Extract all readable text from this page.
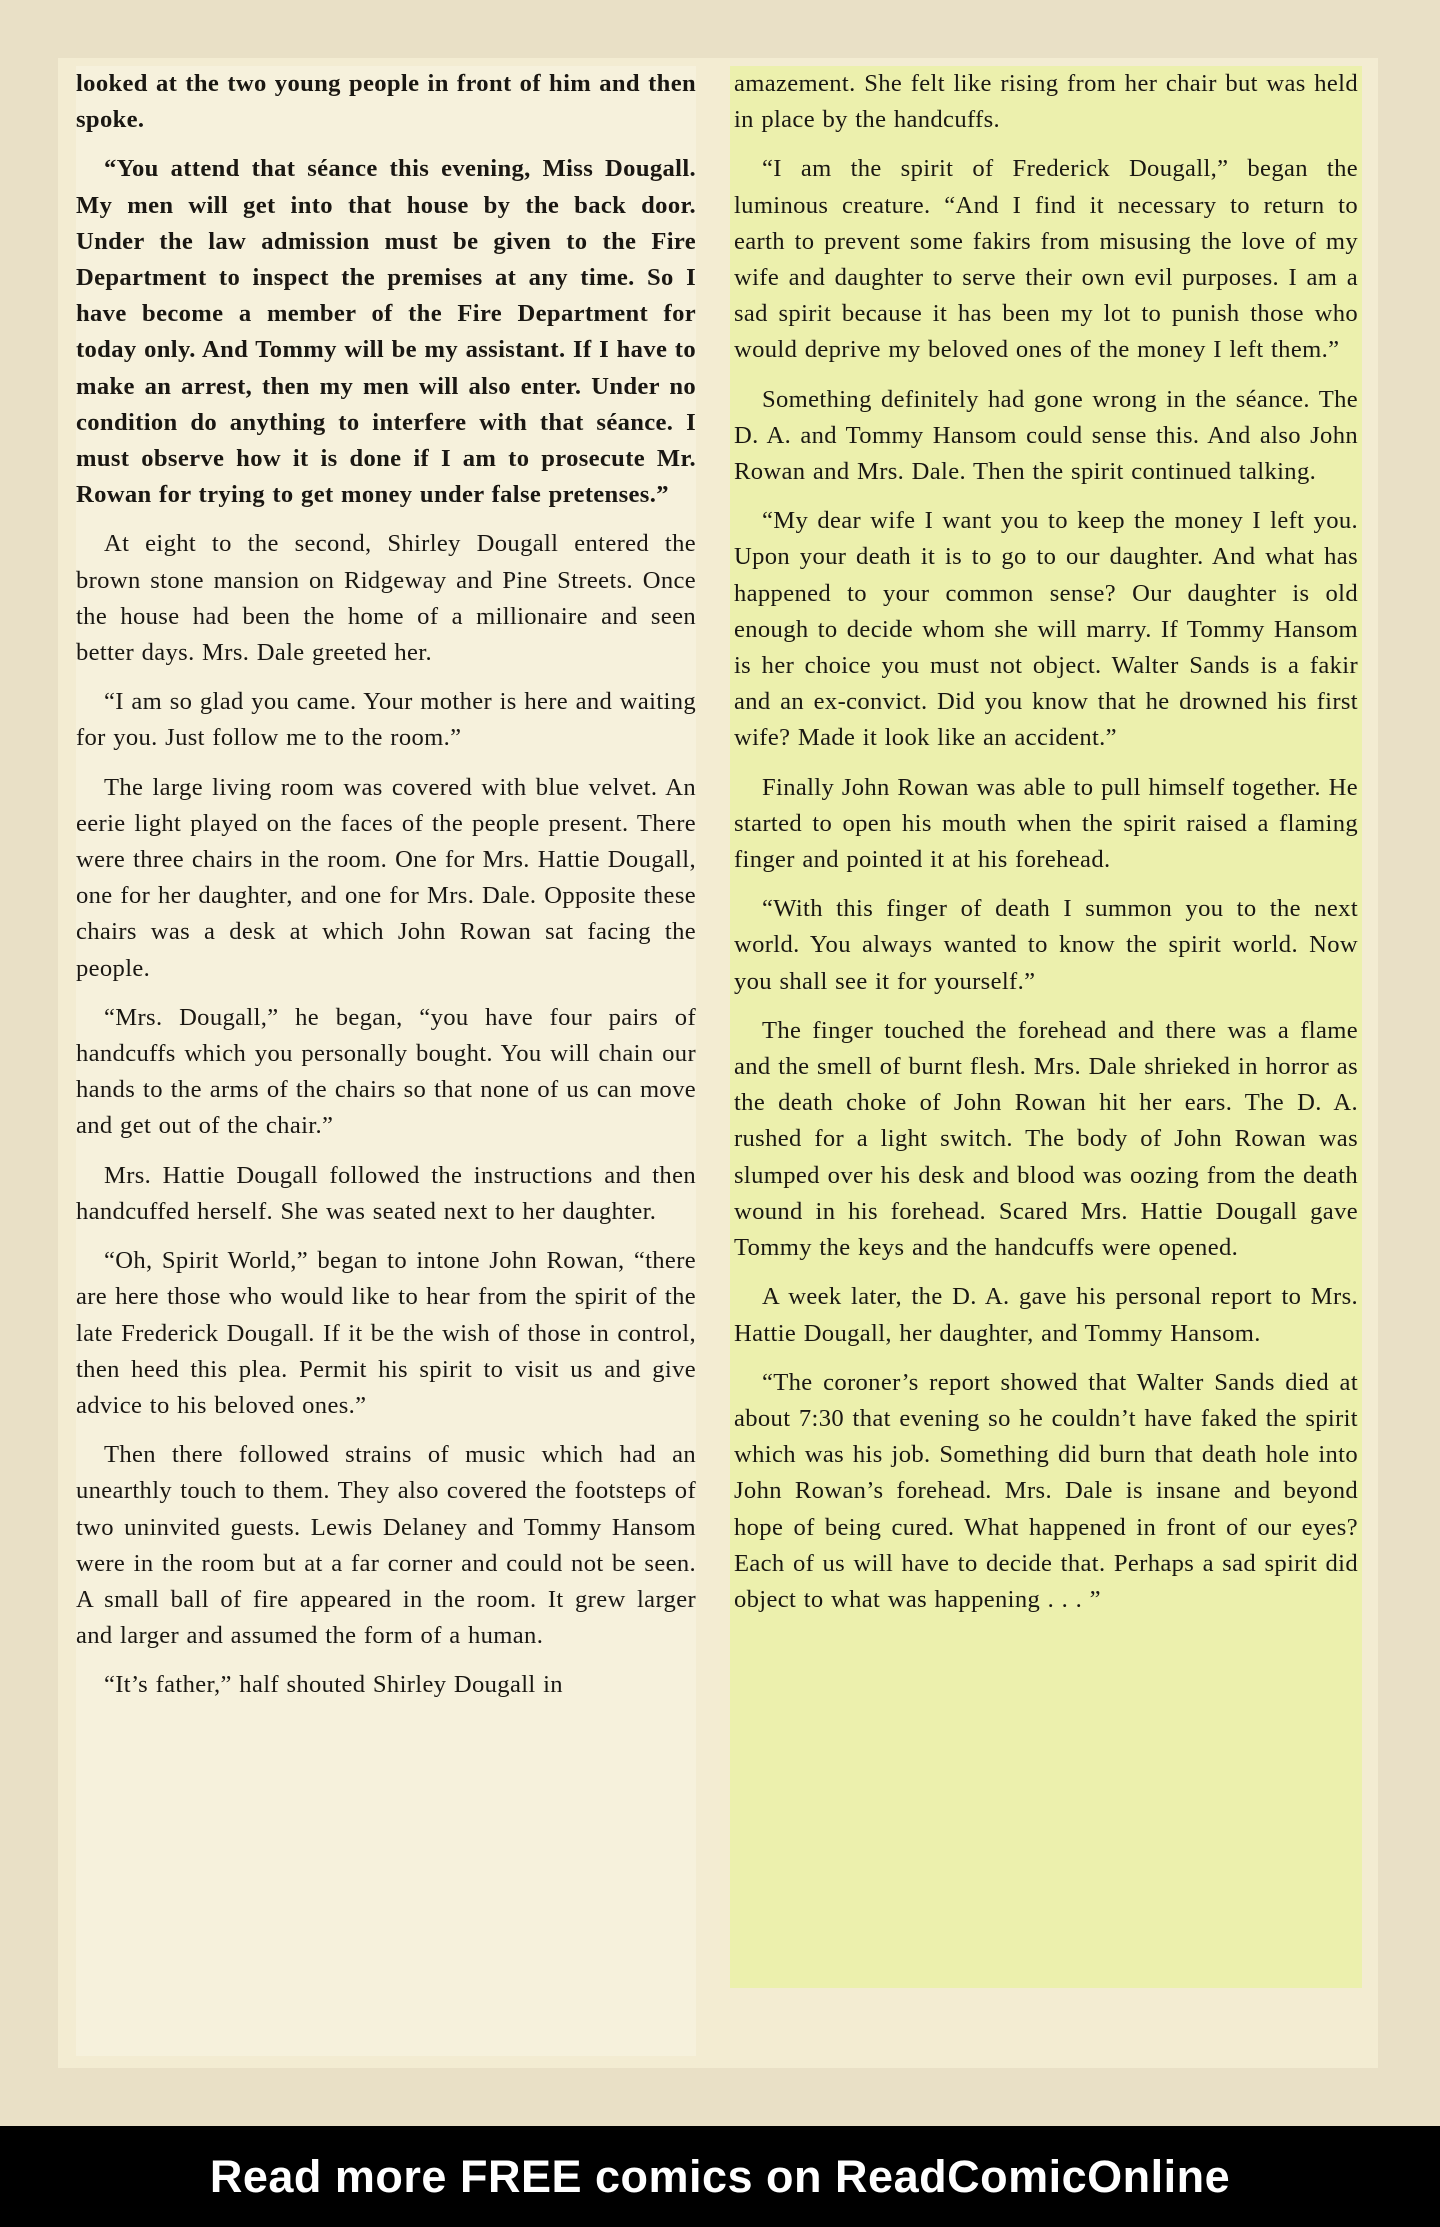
looked at the two young people in front of him and then spoke.

“You attend that séance this evening, Miss Dougall. My men will get into that house by the back door. Under the law admission must be given to the Fire Department to inspect the premises at any time. So I have become a member of the Fire Department for today only. And Tommy will be my assistant. If I have to make an arrest, then my men will also enter. Under no condition do anything to interfere with that séance. I must observe how it is done if I am to prosecute Mr. Rowan for trying to get money under false pretenses.”

At eight to the second, Shirley Dougall entered the brown stone mansion on Ridgeway and Pine Streets. Once the house had been the home of a millionaire and seen better days. Mrs. Dale greeted her.

“I am so glad you came. Your mother is here and waiting for you. Just follow me to the room.”

The large living room was covered with blue velvet. An eerie light played on the faces of the people present. There were three chairs in the room. One for Mrs. Hattie Dougall, one for her daughter, and one for Mrs. Dale. Opposite these chairs was a desk at which John Rowan sat facing the people.

“Mrs. Dougall,” he began, “you have four pairs of handcuffs which you personally bought. You will chain our hands to the arms of the chairs so that none of us can move and get out of the chair.”

Mrs. Hattie Dougall followed the instructions and then handcuffed herself. She was seated next to her daughter.

“Oh, Spirit World,” began to intone John Rowan, “there are here those who would like to hear from the spirit of the late Frederick Dougall. If it be the wish of those in control, then heed this plea. Permit his spirit to visit us and give advice to his beloved ones.”

Then there followed strains of music which had an unearthly touch to them. They also covered the footsteps of two uninvited guests. Lewis Delaney and Tommy Hansom were in the room but at a far corner and could not be seen. A small ball of fire appeared in the room. It grew larger and larger and assumed the form of a human.

“It’s father,” half shouted Shirley Dougall in

amazement. She felt like rising from her chair but was held in place by the handcuffs.

“I am the spirit of Frederick Dougall,” began the luminous creature. “And I find it necessary to return to earth to prevent some fakirs from misusing the love of my wife and daughter to serve their own evil purposes. I am a sad spirit because it has been my lot to punish those who would deprive my beloved ones of the money I left them.”

Something definitely had gone wrong in the séance. The D. A. and Tommy Hansom could sense this. And also John Rowan and Mrs. Dale. Then the spirit continued talking.

“My dear wife I want you to keep the money I left you. Upon your death it is to go to our daughter. And what has happened to your common sense? Our daughter is old enough to decide whom she will marry. If Tommy Hansom is her choice you must not object. Walter Sands is a fakir and an ex-convict. Did you know that he drowned his first wife? Made it look like an accident.”

Finally John Rowan was able to pull himself together. He started to open his mouth when the spirit raised a flaming finger and pointed it at his forehead.

“With this finger of death I summon you to the next world. You always wanted to know the spirit world. Now you shall see it for yourself.”

The finger touched the forehead and there was a flame and the smell of burnt flesh. Mrs. Dale shrieked in horror as the death choke of John Rowan hit her ears. The D. A. rushed for a light switch. The body of John Rowan was slumped over his desk and blood was oozing from the death wound in his forehead. Scared Mrs. Hattie Dougall gave Tommy the keys and the handcuffs were opened.

A week later, the D. A. gave his personal report to Mrs. Hattie Dougall, her daughter, and Tommy Hansom.

“The coroner’s report showed that Walter Sands died at about 7:30 that evening so he couldn’t have faked the spirit which was his job. Something did burn that death hole into John Rowan’s forehead. Mrs. Dale is insane and beyond hope of being cured. What happened in front of our eyes? Each of us will have to decide that. Perhaps a sad spirit did object to what was happening . . . ”

Read more FREE comics on ReadComicOnline
